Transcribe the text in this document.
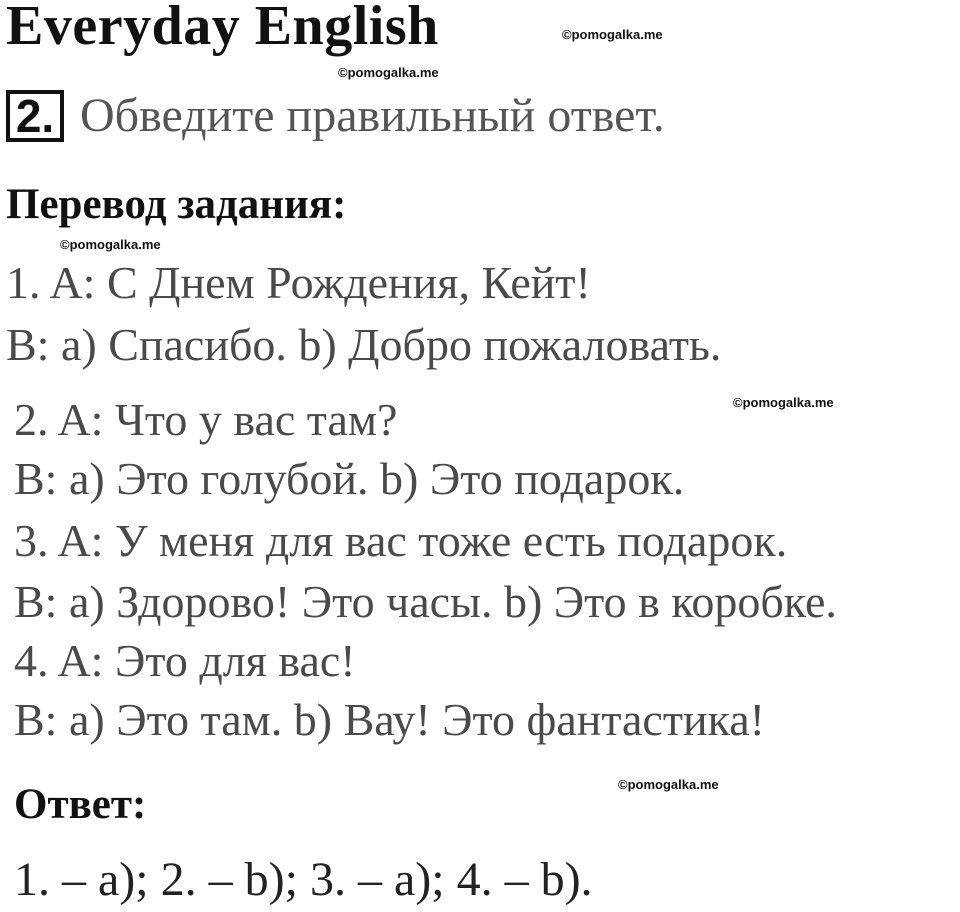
Everyday English	©pomogalka.me
©pomogalka.me
2. Обведите правильный ответ.
Перевод задания:
©pomogalka.me
1. A: С Днем Рождения, Кейт!
B: a) Спасибо. b) Добро пожаловать.
2. A: Что у вас там?	©pomogalka.me
B: a) Это голубой. b) Это подарок.
3. A: У меня для вас тоже есть подарок.
B: a) Здорово! Это часы. b) Это в коробке.
4. A: Это для вас!
B: a) Это там. b) Вау! Это фантастика!
©pomogalka.me
Ответ:
1. – a); 2. – b); 3. – a); 4. – b).
